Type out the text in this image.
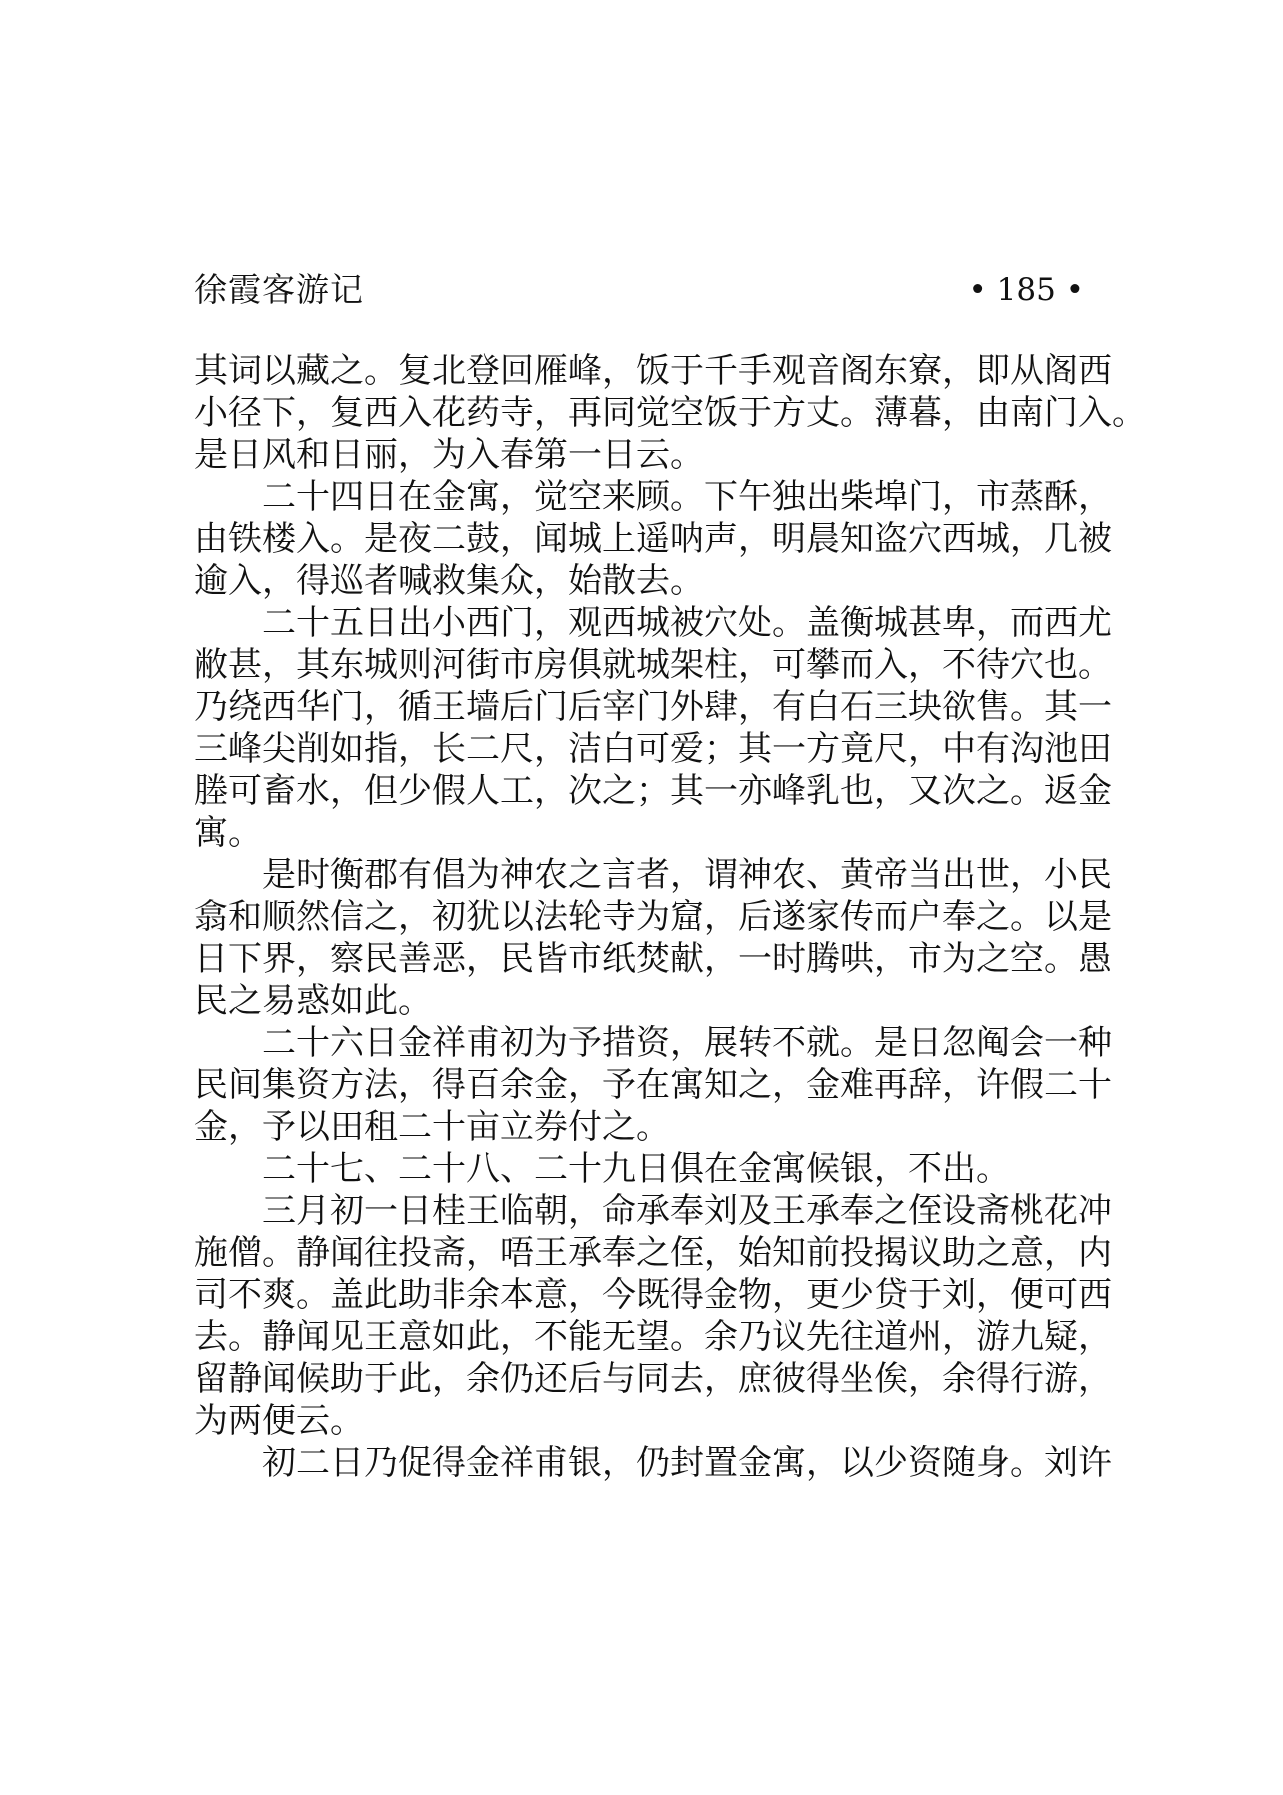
徐霞客游记	• 185 •
其词以藏之。复北登回雁峰，饭于千手观音阁东寮，即从阁西
小径下，复西入花药寺，再同觉空饭于方丈。薄暮，由南门入。
是日风和日丽，为入春第一日云。
二十四日在金寓，觉空来顾。下午独出柴埠门，市蒸酥，
由铁楼入。是夜二鼓，闻城上遥呐声，明晨知盗穴西城，几被
逾入，得巡者喊救集众，始散去。
二十五日出小西门，观西城被穴处。盖衡城甚卑，而西尤
敝甚，其东城则河街市房俱就城架柱，可攀而入，不待穴也。
乃绕西华门，循王墙后门后宰门外肆，有白石三块欲售。其一
三峰尖削如指，长二尺，洁白可爱；其一方竟尺，中有沟池田
塍可畜水，但少假人工，次之；其一亦峰乳也，又次之。返金
寓。
是时衡郡有倡为神农之言者，谓神农、黄帝当出世，小民
翕和顺然信之，初犹以法轮寺为窟，后遂家传而户奉之。以是
日下界，察民善恶，民皆市纸焚献，一时腾哄，市为之空。愚
民之易惑如此。
二十六日金祥甫初为予措资，展转不就。是日忽阄会一种
民间集资方法，得百余金，予在寓知之，金难再辞，许假二十
金，予以田租二十亩立券付之。
二十七、二十八、二十九日俱在金寓候银，不出。
三月初一日桂王临朝，命承奉刘及王承奉之侄设斋桃花冲
施僧。静闻往投斋，唔王承奉之侄，始知前投揭议助之意，内
司不爽。盖此助非余本意，今既得金物，更少贷于刘，便可西
去。静闻见王意如此，不能无望。余乃议先往道州，游九疑，
留静闻候助于此，余仍还后与同去，庶彼得坐俟，余得行游，
为两便云。
初二日乃促得金祥甫银，仍封置金寓，以少资随身。刘许
